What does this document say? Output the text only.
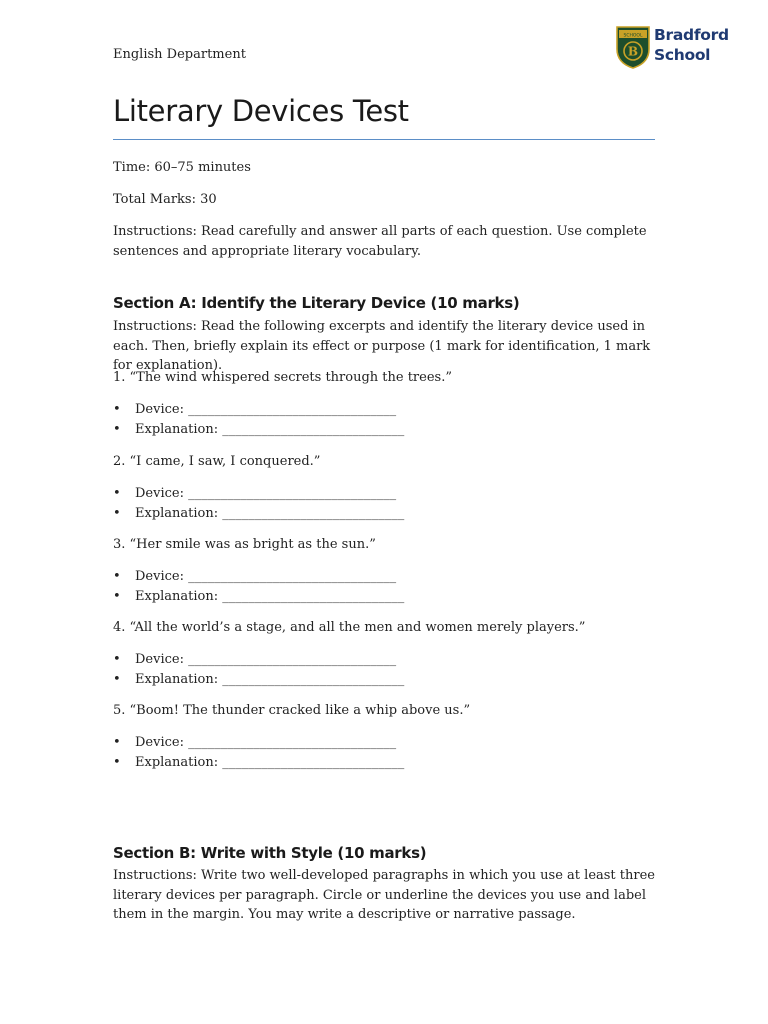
English Department
SCHOOL
B
Bradford
School
Literary Devices Test
Time: 60–75 minutes
Total Marks: 30
Instructions: Read carefully and answer all parts of each question. Use complete sentences and appropriate literary vocabulary.
Section A: Identify the Literary Device (10 marks)
Instructions: Read the following excerpts and identify the literary device used in each. Then, briefly explain its effect or purpose (1 mark for identification, 1 mark for explanation).
1. “The wind whispered secrets through the trees.”
• Device: ________________________________
• Explanation: ____________________________
2. “I came, I saw, I conquered.”
• Device: ________________________________
• Explanation: ____________________________
3. “Her smile was as bright as the sun.”
• Device: ________________________________
• Explanation: ____________________________
4. “All the world’s a stage, and all the men and women merely players.”
• Device: ________________________________
• Explanation: ____________________________
5. “Boom! The thunder cracked like a whip above us.”
• Device: ________________________________
• Explanation: ____________________________
Section B: Write with Style (10 marks)
Instructions: Write two well-developed paragraphs in which you use at least three literary devices per paragraph. Circle or underline the devices you use and label them in the margin. You may write a descriptive or narrative passage.
